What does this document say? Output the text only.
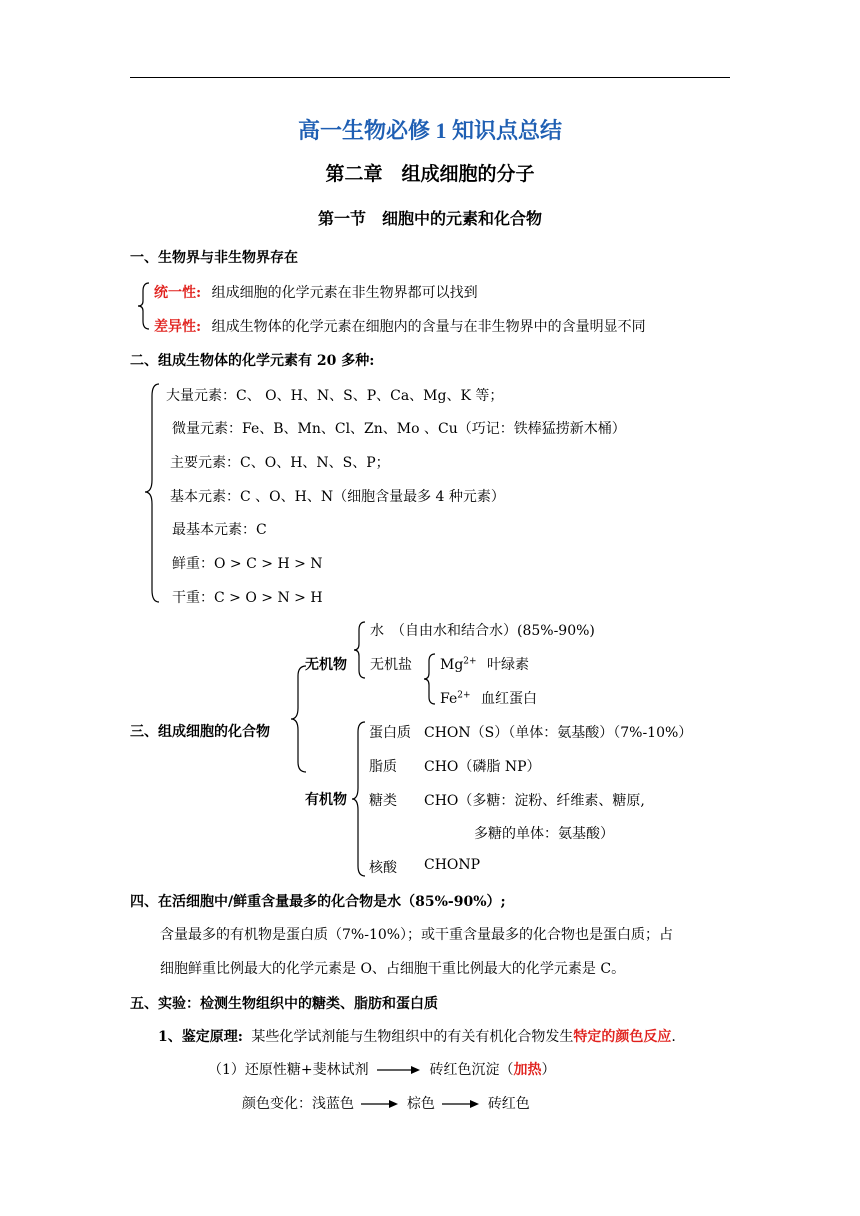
高一生物必修 1 知识点总结
第二章　组成细胞的分子
第一节　细胞中的元素和化合物
一、生物界与非生物界存在
统一性: 组成细胞的化学元素在非生物界都可以找到
差异性: 组成生物体的化学元素在细胞内的含量与在非生物界中的含量明显不同
二、组成生物体的化学元素有 20 多种:
大量元素：C、 O、H、N、S、P、Ca、Mg、K 等；
微量元素：Fe、B、Mn、Cl、Zn、Mo 、Cu（巧记：铁棒猛捞新木桶）
主要元素：C、O、H、N、S、P；
基本元素：C 、O、H、N（细胞含量最多 4 种元素）
最基本元素：C
鲜重：O > C > H > N
干重：C > O > N > H
三、组成细胞的化合物
无机物
水　（自由水和结合水）(85%-90%)
无机盐 $Mg^{2+}$ 叶绿素
$Fe^{2+}$ 血红蛋白
有机物
蛋白质 CHON（S）（单体：氨基酸）（7%-10%）
脂质 CHO（磷脂 NP）
糖类 CHO（多糖：淀粉、纤维素、糖原,
多糖的单体：氨基酸）
核酸 CHONP
四、在活细胞中/鲜重含量最多的化合物是水（85%-90%）;
含量最多的有机物是蛋白质（7%-10%）；或干重含量最多的化合物也是蛋白质；占
细胞鲜重比例最大的化学元素是 O、占细胞干重比例最大的化学元素是 C。
五、实验：检测生物组织中的糖类、脂肪和蛋白质
1、鉴定原理: 某些化学试剂能与生物组织中的有关有机化合物发生特定的颜色反应.
（1）还原性糖+斐林试剂	砖红色沉淀（加热）
颜色变化：浅蓝色	棕色	砖红色
